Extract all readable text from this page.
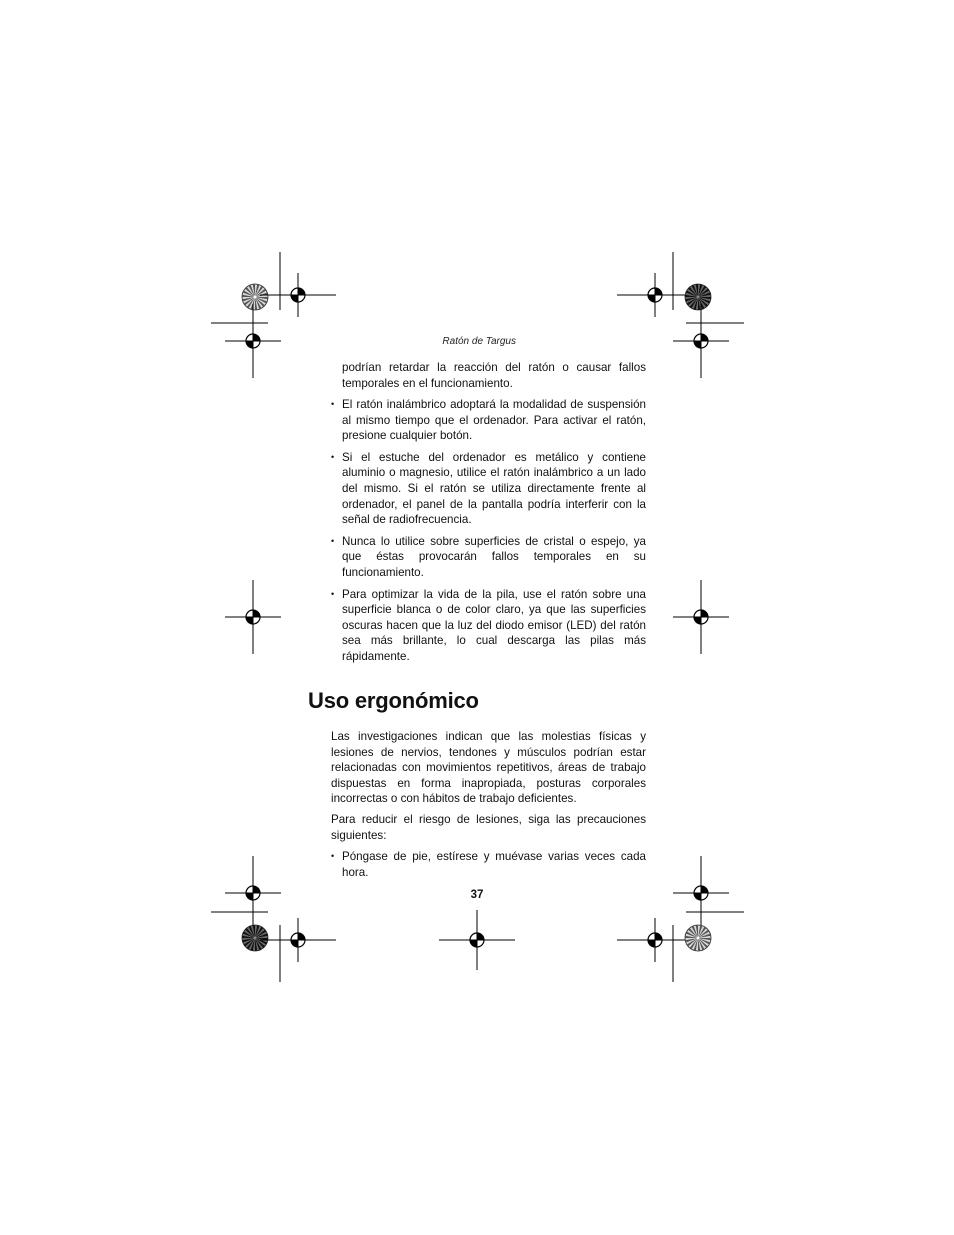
Ratón de Targus
podrían retardar la reacción del ratón o causar fallos temporales en el funcionamiento.
• El ratón inalámbrico adoptará la modalidad de suspensión al mismo tiempo que el ordenador. Para activar el ratón, presione cualquier botón.
• Si el estuche del ordenador es metálico y contiene aluminio o magnesio, utilice el ratón inalámbrico a un lado del mismo. Si el ratón se utiliza directamente frente al ordenador, el panel de la pantalla podría interferir con la señal de radiofrecuencia.
• Nunca lo utilice sobre superficies de cristal o espejo, ya que éstas provocarán fallos temporales en su funcionamiento.
• Para optimizar la vida de la pila, use el ratón sobre una superficie blanca o de color claro, ya que las superficies oscuras hacen que la luz del diodo emisor (LED) del ratón sea más brillante, lo cual descarga las pilas más rápidamente.
Uso ergonómico
Las investigaciones indican que las molestias físicas y lesiones de nervios, tendones y músculos podrían estar relacionadas con movimientos repetitivos, áreas de trabajo dispuestas en forma inapropiada, posturas corporales incorrectas o con hábitos de trabajo deficientes.
Para reducir el riesgo de lesiones, siga las precauciones siguientes:
• Póngase de pie, estírese y muévase varias veces cada hora.
37
